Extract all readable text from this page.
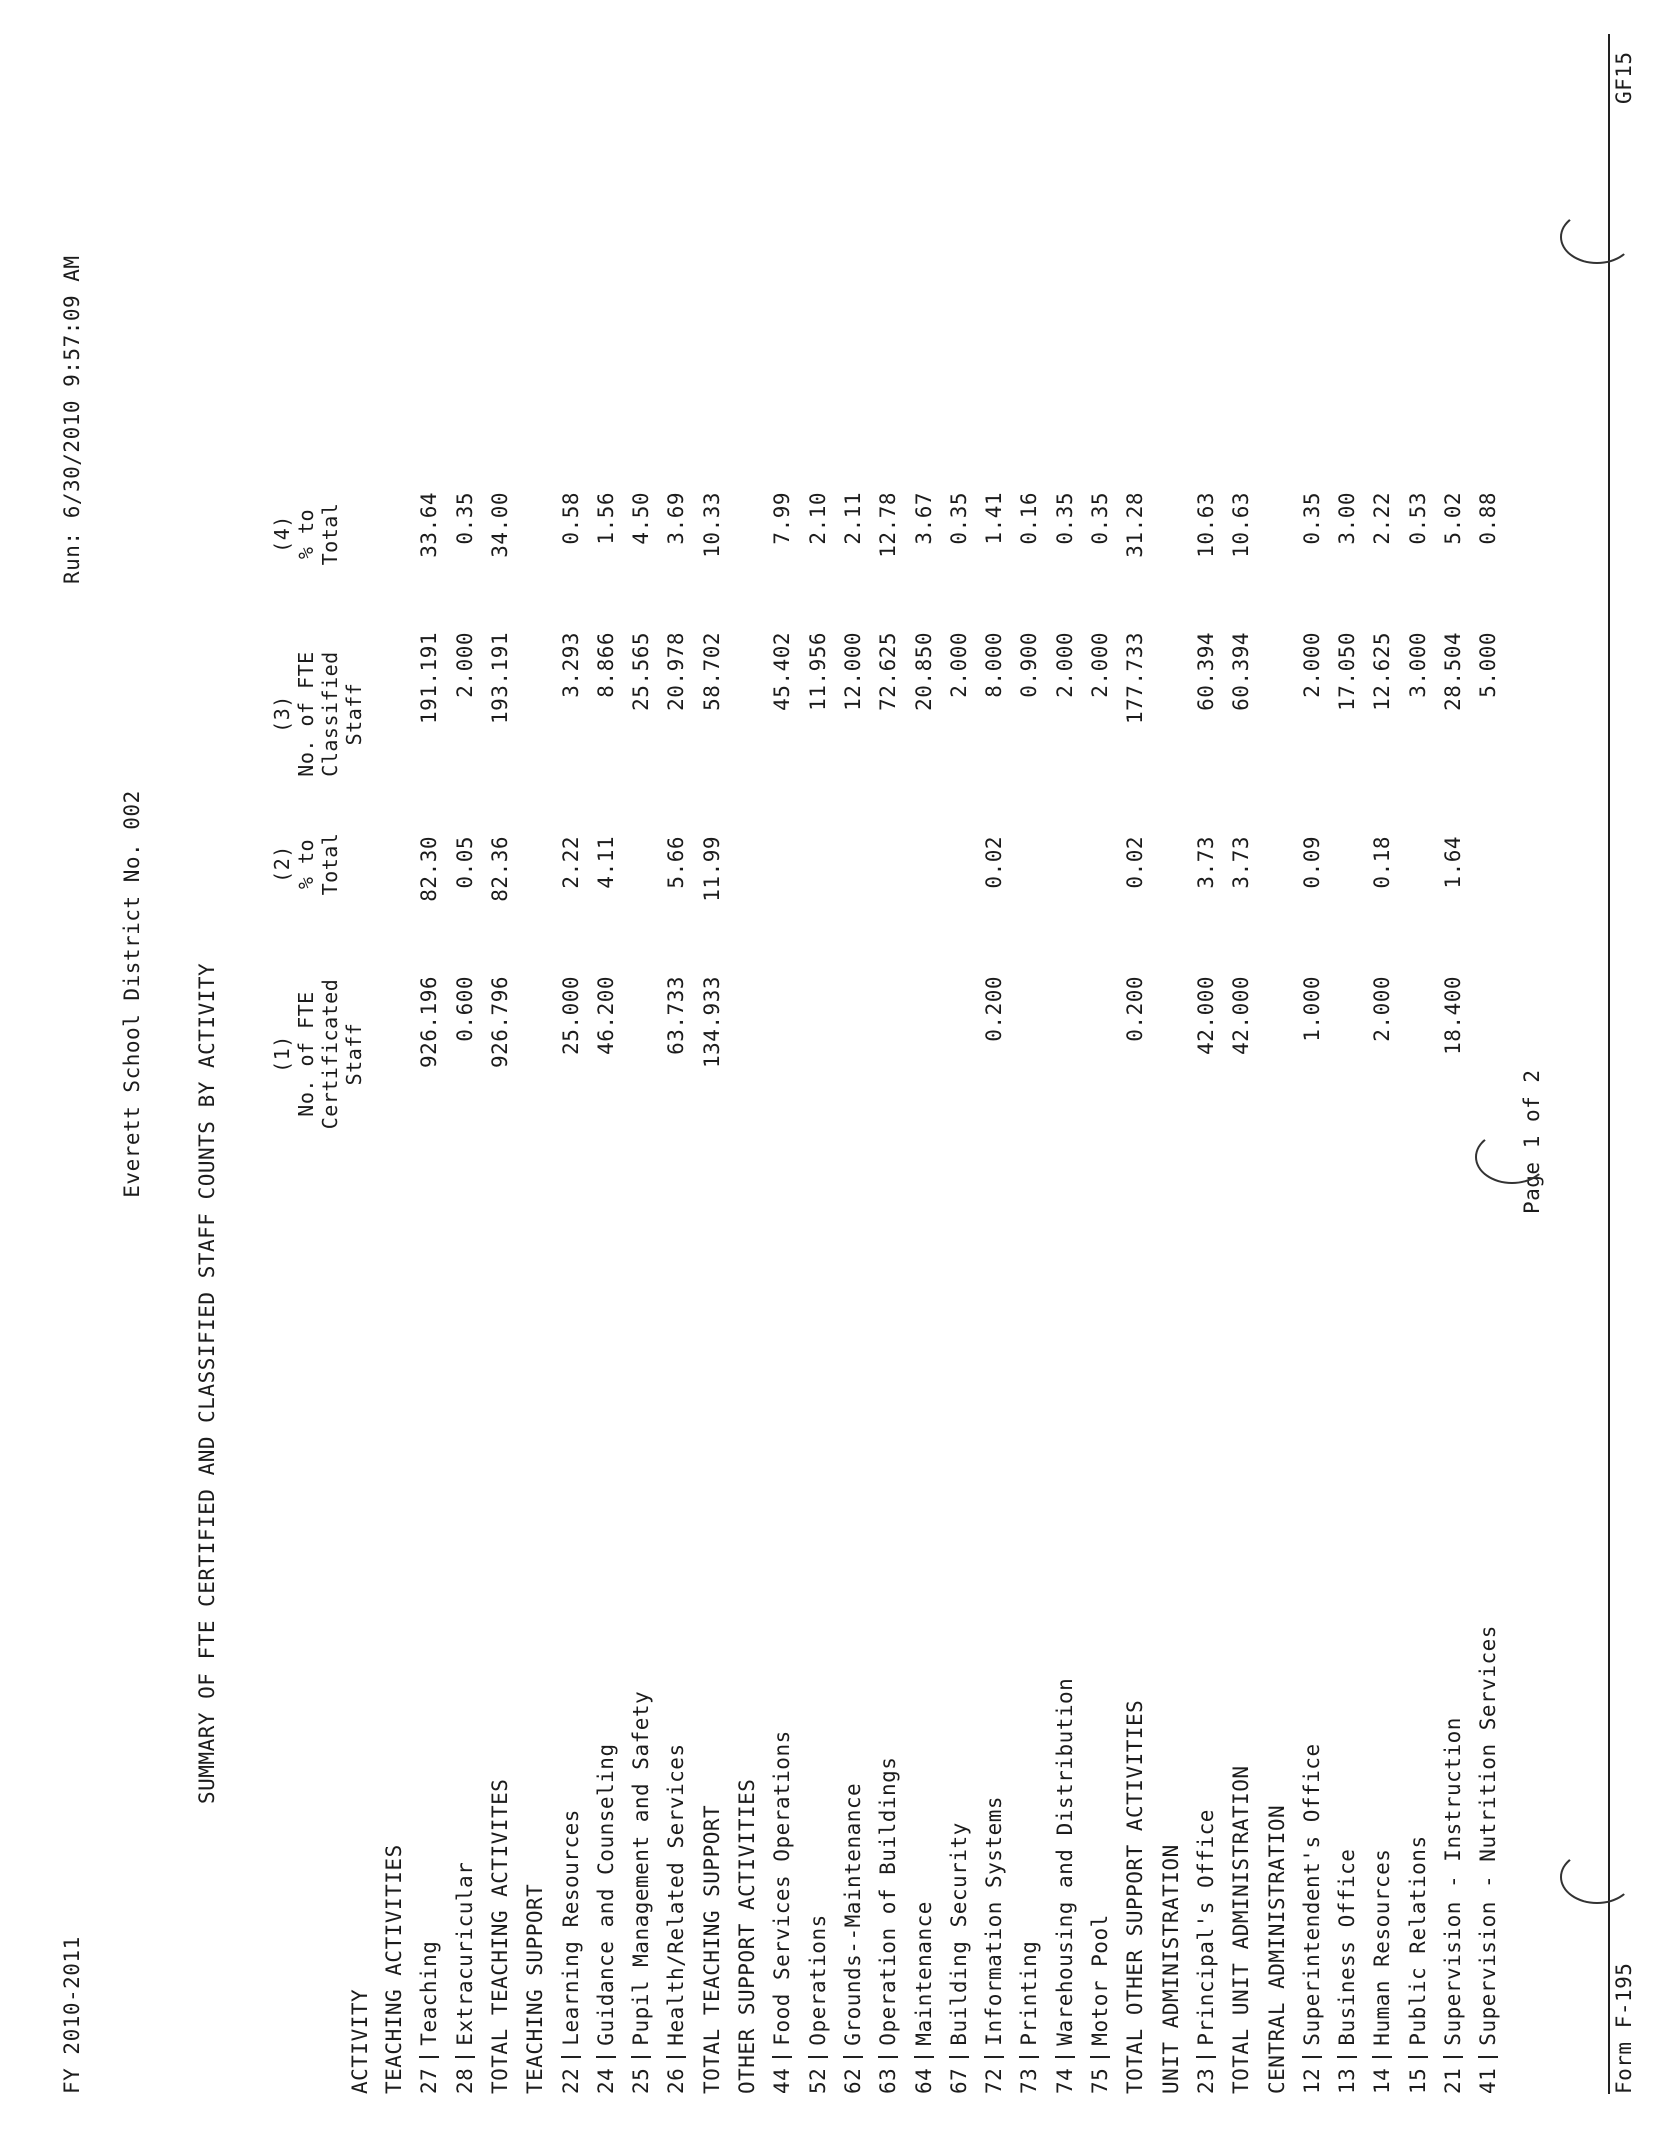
FY 2010-2011
Run: 6/30/2010 9:57:09 AM
Everett School District No. 002 SUMMARY OF FTE CERTIFIED AND CLASSIFIED STAFF COUNTS BY ACTIVITY	(1)
No. of FTE
Certificated
Staff
(2)
% to
Total
(3)
No. of FTE
Classified
Staff
(4)
% to
Total
ACTIVITY TEACHING ACTIVITIES 27Teaching
926.196
82.30
191.191
33.64
28Extracuricular
0.600
0.05
2.000
0.35
TOTAL TEACHING ACTIVITES
926.796
82.36
193.191
34.00
TEACHING SUPPORT 22Learning Resources
25.000
2.22
3.293
0.58
24Guidance and Counseling
46.200
4.11
8.866
1.56
25Pupil Management and Safety
25.565
4.50
26Health/Related Services
63.733
5.66
20.978
3.69
TOTAL TEACHING SUPPORT
134.933
11.99
58.702
10.33
OTHER SUPPORT ACTIVITIES 44Food Services Operations
45.402
7.99
52Operations
11.956
2.10
62Grounds--Maintenance
12.000
2.11
63Operation of Buildings
72.625
12.78
64Maintenance
20.850
3.67
67Building Security
2.000
0.35
72Information Systems
0.200
0.02
8.000
1.41
73Printing
0.900
0.16
74Warehousing and Distribution
2.000
0.35
75Motor Pool
2.000
0.35
TOTAL OTHER SUPPORT ACTIVITIES
0.200
0.02
177.733
31.28
UNIT ADMINISTRATION 23Principal's Office
42.000
3.73
60.394
10.63
TOTAL UNIT ADMINISTRATION
42.000
3.73
60.394
10.63
CENTRAL ADMINISTRATION 12Superintendent's Office
1.000
0.09
2.000
0.35
13Business Office
17.050
3.00
14Human Resources
2.000
0.18
12.625
2.22
15Public Relations
3.000
0.53
21Supervision - Instruction
18.400
1.64
28.504
5.02
41Supervision - Nutrition Services
5.000
0.88
Form F-195
Page 1 of 2
GF15
